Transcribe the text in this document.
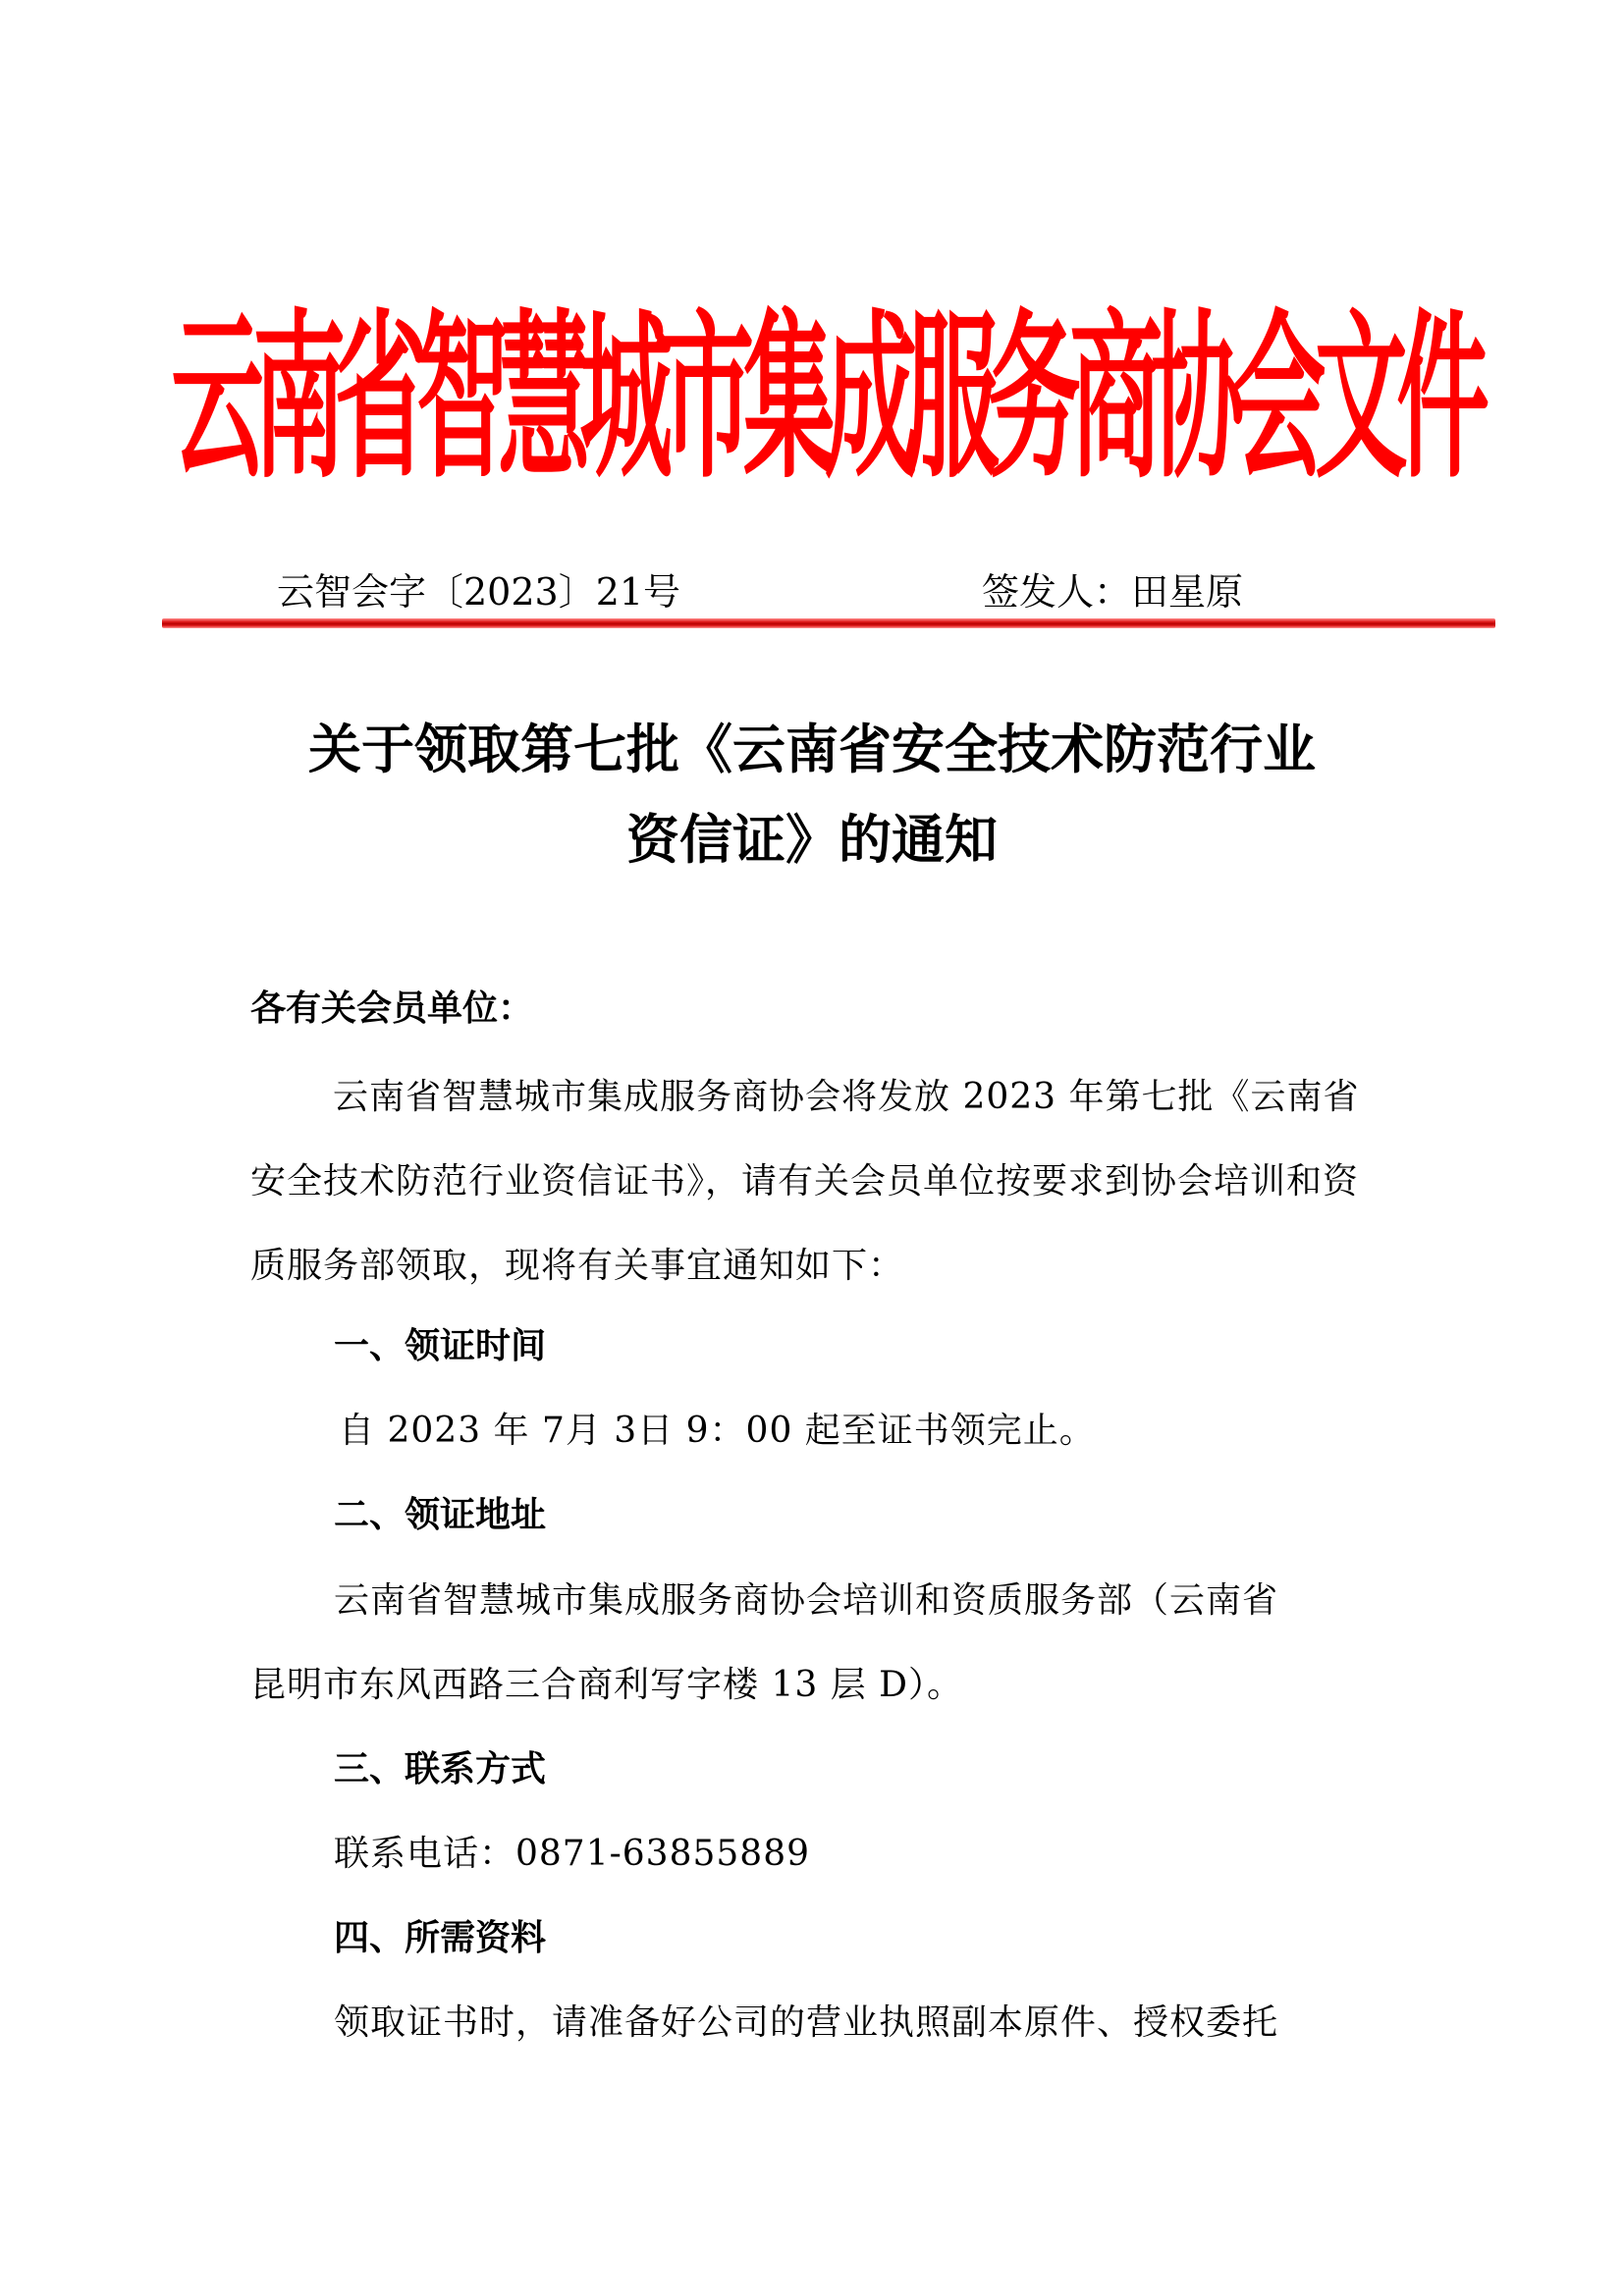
云南省智慧城市集成服务商协会文件
云智会字〔2023〕21号	签发人：田星原
关于领取第七批《云南省安全技术防范行业
资信证》的通知
各有关会员单位：
云南省智慧城市集成服务商协会将发放 2023 年第七批《云南省安全技术防范行业资信证书》，请有关会员单位按要求到协会培训和资质服务部领取，现将有关事宜通知如下：
一、领证时间
自 2023 年 7月 3日 9：00 起至证书领完止。
二、领证地址
云南省智慧城市集成服务商协会培训和资质服务部（云南省
昆明市东风西路三合商利写字楼 13 层 D）。
三、联系方式
联系电话：0871-63855889
四、所需资料
领取证书时，请准备好公司的营业执照副本原件、授权委托
